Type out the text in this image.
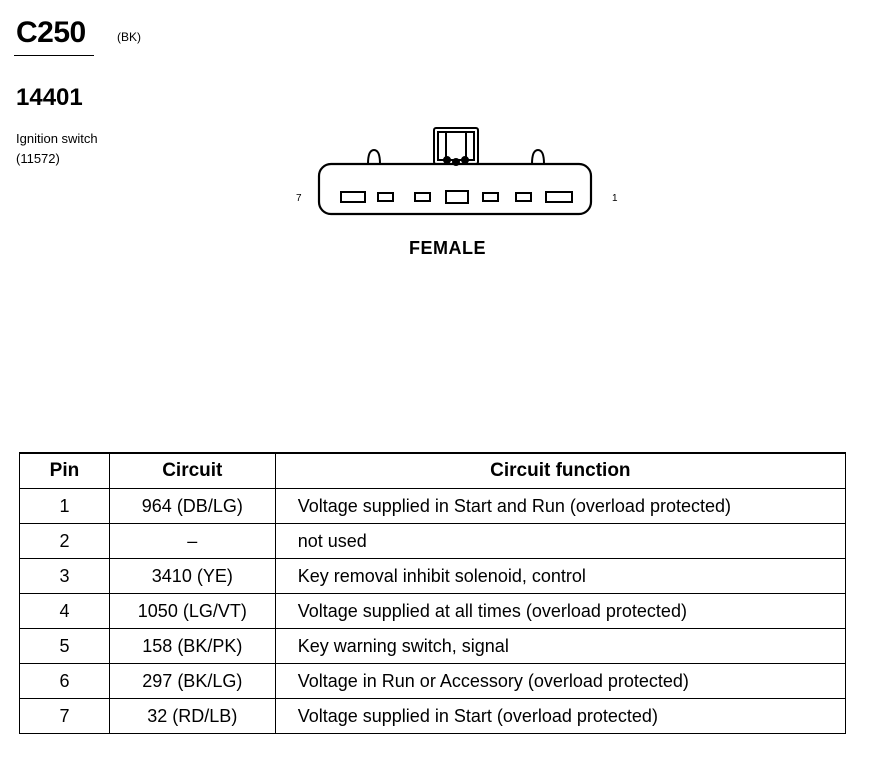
C250	(BK)
14401
Ignition switch
(11572)
7	1
FEMALE
Pin	Circuit	Circuit function
1	964 (DB/LG)	Voltage supplied in Start and Run (overload protected)
2	–	not used
3	3410 (YE)	Key removal inhibit solenoid, control
4	1050 (LG/VT)	Voltage supplied at all times (overload protected)
5	158 (BK/PK)	Key warning switch, signal
6	297 (BK/LG)	Voltage in Run or Accessory (overload protected)
7	32 (RD/LB)	Voltage supplied in Start (overload protected)
